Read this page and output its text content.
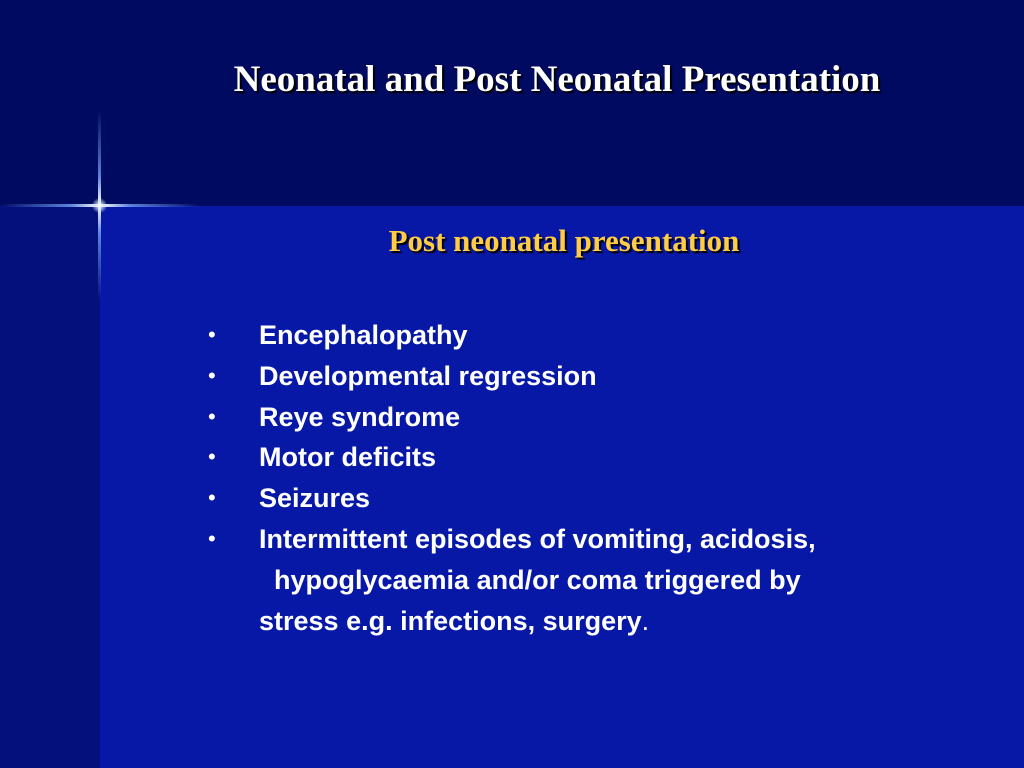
Neonatal and Post Neonatal Presentation
Post neonatal presentation
• Encephalopathy
• Developmental regression
• Reye syndrome
• Motor deficits
• Seizures
• Intermittent episodes of vomiting, acidosis,
hypoglycaemia and/or coma triggered by
stress e.g. infections, surgery.
